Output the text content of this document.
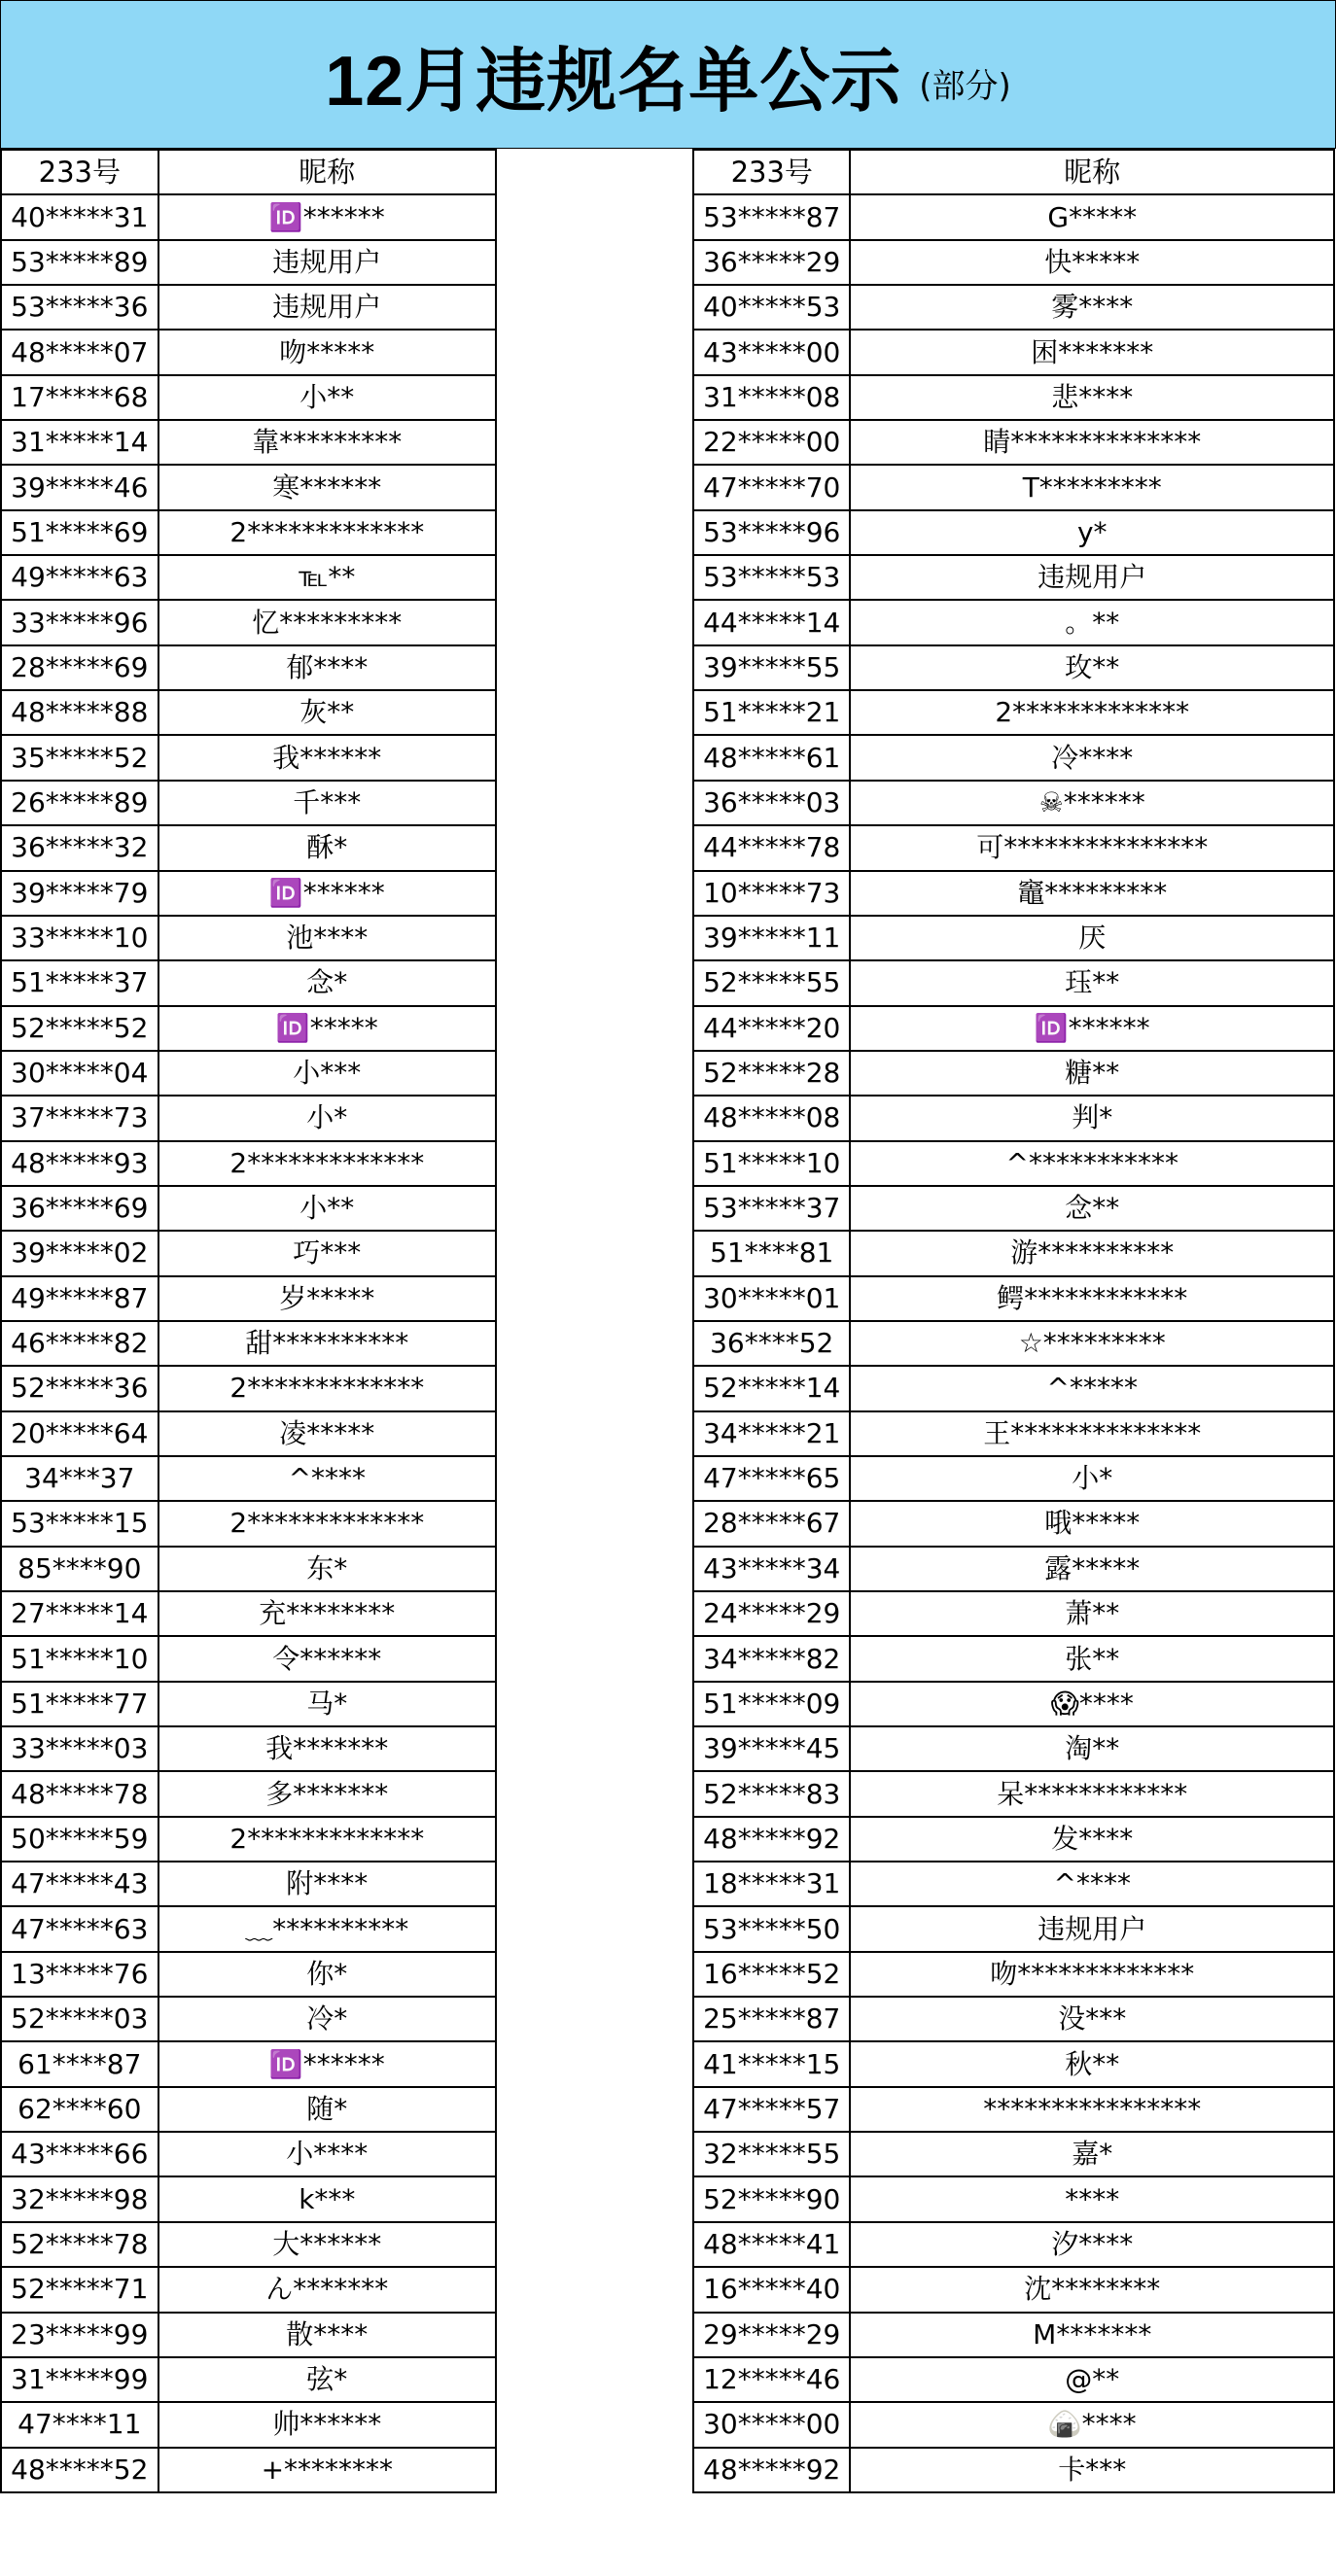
12月违规名单公示 (部分)
233号	昵称
40*****31	🆔******
53*****89	违规用户
53*****36	违规用户
48*****07	吻*****
17*****68	小**
31*****14	靠*********
39*****46	寒******
51*****69	2*************
49*****63	℡**
33*****96	忆*********
28*****69	郁****
48*****88	灰**
35*****52	我******
26*****89	千***
36*****32	酥*
39*****79	🆔******
33*****10	池****
51*****37	念*
52*****52	🆔*****
30*****04	小***
37*****73	小*
48*****93	2*************
36*****69	小**
39*****02	巧***
49*****87	岁*****
46*****82	甜**********
52*****36	2*************
20*****64	凌*****
34***37	^****
53*****15	2*************
85****90	东*
27*****14	充********
51*****10	令******
51*****77	马*
33*****03	我*******
48*****78	多*******
50*****59	2*************
47*****43	附****
47*****63	﹏**********
13*****76	你*
52*****03	冷*
61****87	🆔******
62****60	随*
43*****66	小****
32*****98	k***
52*****78	大******
52*****71	ん*******
23*****99	散****
31*****99	弦*
47****11	帅******
48*****52	+********
233号	昵称
53*****87	G*****
36*****29	快*****
40*****53	雾****
43*****00	困*******
31*****08	悲****
22*****00	睛**************
47*****70	T*********
53*****96	y*
53*****53	违规用户
44*****14	。**
39*****55	玫**
51*****21	2*************
48*****61	冷****
36*****03	☠******
44*****78	可***************
10*****73	竈*********
39*****11	厌
52*****55	珏**
44*****20	🆔******
52*****28	糖**
48*****08	判*
51*****10	^***********
53*****37	念**
51****81	游**********
30*****01	鳄************
36****52	☆*********
52*****14	^*****
34*****21	王**************
47*****65	小*
28*****67	哦*****
43*****34	露*****
24*****29	萧**
34*****82	张**
51*****09	😱****
39*****45	淘**
52*****83	呆************
48*****92	发****
18*****31	^****
53*****50	违规用户
16*****52	吻*************
25*****87	没***
41*****15	秋**
47*****57	****************
32*****55	嘉*
52*****90	****
48*****41	汐****
16*****40	沈********
29*****29	M*******
12*****46	@**
30*****00	🍙****
48*****92	卡***
